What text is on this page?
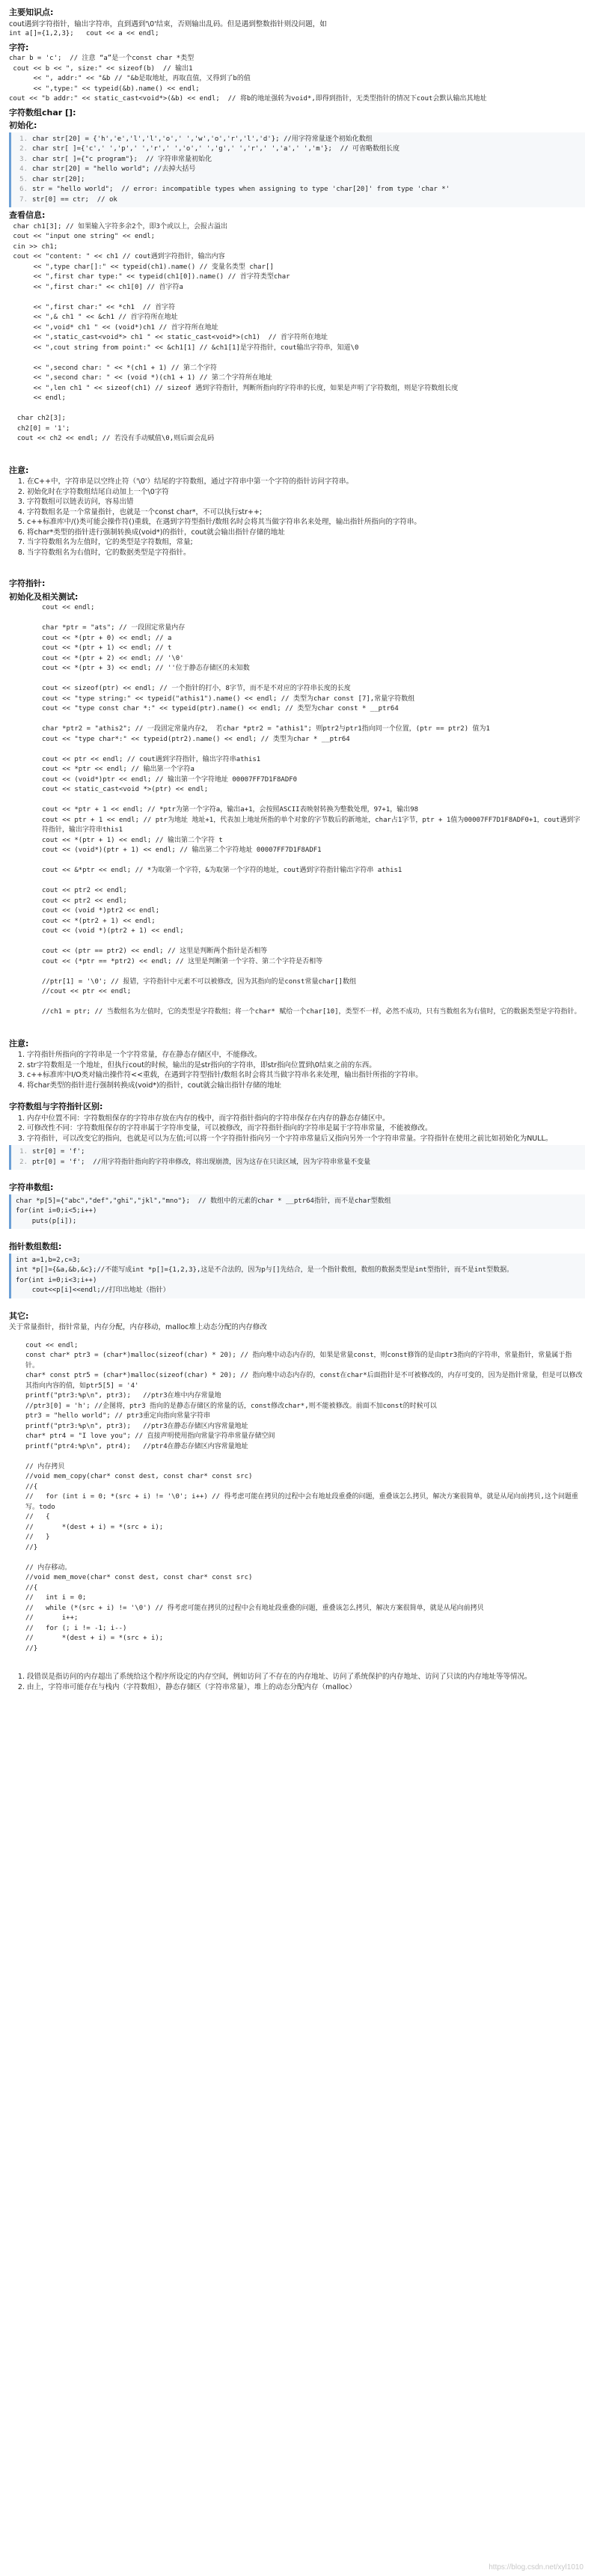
主要知识点:

cout遇到字符指针，输出字符串，直到遇到'\0'结束，否则输出乱码。但是遇到整数指针则没问题，如

int a[]={1,2,3};   cout << a << endl;

字符:
char b = 'c';  // 注意 “a”是一个const char *类型
cout << b << ", size:" << sizeof(b)  // 输出1
<< ", addr:" << "&b // "&b是取地址，再取直值，又得到了b的值
<< ",type:" << typeid(&b).name() << endl;
cout << "b addr:" << static_cast<void*>(&b) << endl;  // 将b的地址强转为void*,即得到指针，无类型指针的情况下cout会默认输出其地址
字符数组char []:
初始化:
1. char str[20] = {'h','e','l','l','o',' ','w','o','r','l','d'}; //用字符常量逐个初始化数组
2. char str[ ]={'c',' ','p',' ','r',' ','o',' ','g',' ','r',' ','a',' ','m'};  // 可省略数组长度
3. char str[ ]={"c program"};  // 字符串常量初始化
4. char str[20] = "hello world"; //去掉大括号
5. char str[20];
6. str = "hello world";  // error: incompatible types when assigning to type 'char[20]' from type 'char *'
7. str[0] == ctr;  // ok
查看信息:
char ch1[3]; // 如果输入字符多余2个，即3个或以上，会报古溢出
cout << "input one string" << endl;
cin >> ch1;
cout << "content: " << ch1 // cout遇到字符指针，输出内容
<< ",type char[]:" << typeid(ch1).name() // 变量名类型 char[]
<< ",first char type:" << typeid(ch1[0]).name() // 首字符类型char
<< ",first char:" << ch1[0] // 首字符a

<< ",first char:" << *ch1  // 首字符
<< ",& ch1 " << &ch1 // 首字符所在地址
<< ",void* ch1 " << (void*)ch1 // 首字符所在地址
<< ",static_cast<void*> ch1 " << static_cast<void*>(ch1)  // 首字符所在地址
<< ",cout string from point:" << &ch1[1] // &ch1[1]是字符指针，cout输出字符串，知道\0

<< ",second char: " << *(ch1 + 1) // 第二个字符
<< ",second char: " << (void *)(ch1 + 1) // 第二个字符所在地址
<< ",len ch1 " << sizeof(ch1) // sizeof 遇到字符指针，判断所指向的字符串的长度，如果是声明了字符数组，则是字符数组长度
<< endl;

char ch2[3];
ch2[0] = '1';
cout << ch2 << endl; // 若没有手动赋值\0,则后面会乱码
注意:
1. 在C++中，字符串是以空终止符（'\0'）结尾的字符数组，通过字符串中第一个字符的指针访问字符串。
2. 初始化时在字符数组结尾自动加上一个\0字符
3. 字符数组可以链表访问，容易出错
4. 字符数组名是一个常量指针，也就是一个const char*，不可以执行str++;
5. c++标准库中/()类可能会操作符()重载，在遇到字符型指针/数组名时会将其当做字符串名来处理，输出指针所指向的字符串。
6. 将char*类型的指针进行强制转换成(void*)的指针，cout就会输出指针存储的地址
7. 当字符数组名为左值时，它的类型是字符数组，常量;
8. 当字符数组名为右值时，它的数据类型是字符指针。
字符指针:
初始化及相关测试:
cout << endl;

char *ptr = "ats"; // 一段固定常量内存
cout << *(ptr + 0) << endl; // a
cout << *(ptr + 1) << endl; // t
cout << *(ptr + 2) << endl; // '\0'
cout << *(ptr + 3) << endl; // ''位于静态存储区的未知数

cout << sizeof(ptr) << endl; // 一个指针的打小，8字节，而不是不对应的字符串长度的长度
cout << "type string:" << typeid("athis1").name() << endl; // 类型为char const [7],常量字符数组
cout << "type const char *:" << typeid(ptr).name() << endl; // 类型为char const * __ptr64

char *ptr2 = "athis2"; // 一段固定常量内存2， 若char *ptr2 = "athis1"; 则ptr2与ptr1指向同一个位置，(ptr == ptr2) 值为1
cout << "type char*:" << typeid(ptr2).name() << endl; // 类型为char * __ptr64

cout << ptr << endl; // cout遇到字符指针，输出字符串athis1
cout << *ptr << endl; // 输出第一个字符a
cout << (void*)ptr << endl; // 输出第一个字符地址 00007FF7D1F8ADF0
cout << static_cast<void *>(ptr) << endl;

cout << *ptr + 1 << endl; // *ptr为第一个字符a，输出a+1，会按照ASCII表映射转换为整数处理，97+1，输出98
cout << ptr + 1 << endl; // ptr为地址 地址+1，代表加上地址所指的单个对象的字节数后的新地址，char占1字节，ptr + 1值为00007FF7D1F8ADF0+1，cout遇到字符指针，输出字符串this1
cout << *(ptr + 1) << endl; // 输出第二个字符 t
cout << (void*)(ptr + 1) << endl; // 输出第二个字符地址 00007FF7D1F8ADF1

cout << &*ptr << endl; // *为取第一个字符，&为取第一个字符的地址，cout遇到字符指针输出字符串 athis1

cout << ptr2 << endl;
cout << ptr2 << endl;
cout << (void *)ptr2 << endl;
cout << *(ptr2 + 1) << endl;
cout << (void *)(ptr2 + 1) << endl;

cout << (ptr == ptr2) << endl; // 这里是判断两个指针是否相等
cout << (*ptr == *ptr2) << endl; // 这里是判断第一个字符、第二个字符是否相等

//ptr[1] = '\0'; // 报错，字符指针中元素不可以被修改，因为其指向的是const常量char[]数组
//cout << ptr << endl;

//ch1 = ptr; // 当数组名为左值时，它的类型是字符数组；将一个char* 赋给一个char[10]，类型不一样，必然不成功，只有当数组名为右值时，它的数据类型是字符指针。
注意:
1. 字符指针所指向的字符串是一个字符常量，存在静态存储区中，不能修改。
2. str字符数组是一个地址，但执行cout的时候，输出的是str指向的字符串，即str指向位置到\0结束之前的东西。
3. c++标准库中I/O类对输出操作符<<重载，在遇到字符型指针/数组名时会将其当做字符串名来处理，输出指针所指的字符串。
4. 将char类型的指针进行强制转换成(void*)的指针，cout就会输出指针存储的地址
字符数组与字符指针区别:
1. 内存中位置不同：字符数组保存的字符串存放在内存的栈中，而字符指针指向的字符串保存在内存的静态存储区中。
2. 可修改性不同：字符数组保存的字符串属于字符串变量，可以被修改，而字符指针指向的字符串是属于字符串常量，不能被修改。
3. 字符指针，可以改变它的指向，也就是可以为左值;可以将一个字符指针指向另一个字符串常量后又指向另外一个字符串常量。字符指针在使用之前比如初始化为NULL。
1. str[0] = 'f';
2. ptr[0] = 'f';  //用字符指针指向的字符串修改，将出现崩溃，因为这存在只读区域，因为字符串常量不变量
字符串数组:
char *p[5]={"abc","def","ghi","jkl","mno"};  // 数组中的元素的char * __ptr64指针，而不是char型数组
for(int i=0;i<5;i++)
puts(p[i]);
指针数组数组:
int a=1,b=2,c=3;
int *p[]={&a,&b,&c};//不能写成int *p[]={1,2,3},这是不合法的，因为p与[]先结合，是一个指针数组，数组的数据类型是int型指针，而不是int型数据。
for(int i=0;i<3;i++)
cout<<p[i]<<endl;//打印出地址（指针）
其它:

关于常量指针，指针常量，内存分配，内存移动，malloc堆上动态分配的内存修改

cout << endl;
const char* ptr3 = (char*)malloc(sizeof(char) * 20); // 指向堆中动态内存的，如果是常量const，则const修饰的是由ptr3指向的字符串，常量指针，常量属于指针。
char* const ptr5 = (char*)malloc(sizeof(char) * 20); // 指向堆中动态内存的，const在char*后面指针是不可被修改的，内存可变的，因为是指针常量，但是可以修改其指向内容的值，如ptr5[5] = '4'
printf("ptr3:%p\n", ptr3);   //ptr3在堆中内存常量地
//ptr3[0] = 'h'; //企图将，ptr3 指向的是静态存储区的常量的话，const修改char*,则不能被修改。前面不加const的时候可以
ptr3 = "hello world"; // ptr3重定向指向常量字符串
printf("ptr3:%p\n", ptr3);   //ptr3在静态存储区内容常量地址
char* ptr4 = "I love you"; // 直接声明使用指向常量字符串常量存储空间
printf("ptr4:%p\n", ptr4);   //ptr4在静态存储区内容常量地址

// 内存拷贝
//void mem_copy(char* const dest, const char* const src)
//{
//   for (int i = 0; *(src + i) != '\0'; i++) // 得考虑可能在拷贝的过程中会有地址段重叠的问题，重叠该怎么拷贝，解决方案很简单，就是从尾向前拷贝,这个问题重写。todo
//   {
//       *(dest + i) = *(src + i);
//   }
//}

// 内存移动。
//void mem_move(char* const dest, const char* const src)
//{
//   int i = 0;
//   while (*(src + i) != '\0') // 得考虑可能在拷贝的过程中会有地址段重叠的问题，重叠该怎么拷贝，解决方案很简单，就是从尾向前拷贝
//       i++;
//   for (; i != -1; i--)
//       *(dest + i) = *(src + i);
//}
1. 段错误是指访问的内存超出了系统给这个程序所设定的内存空间，例如访问了不存在的内存地址、访问了系统保护的内存地址、访问了只读的内存地址等等情况。
2. 由上，字符串可能存在与栈内（字符数组），静态存储区（字符串常量），堆上的动态分配内存（malloc）
https://blog.csdn.net/xyl1010
